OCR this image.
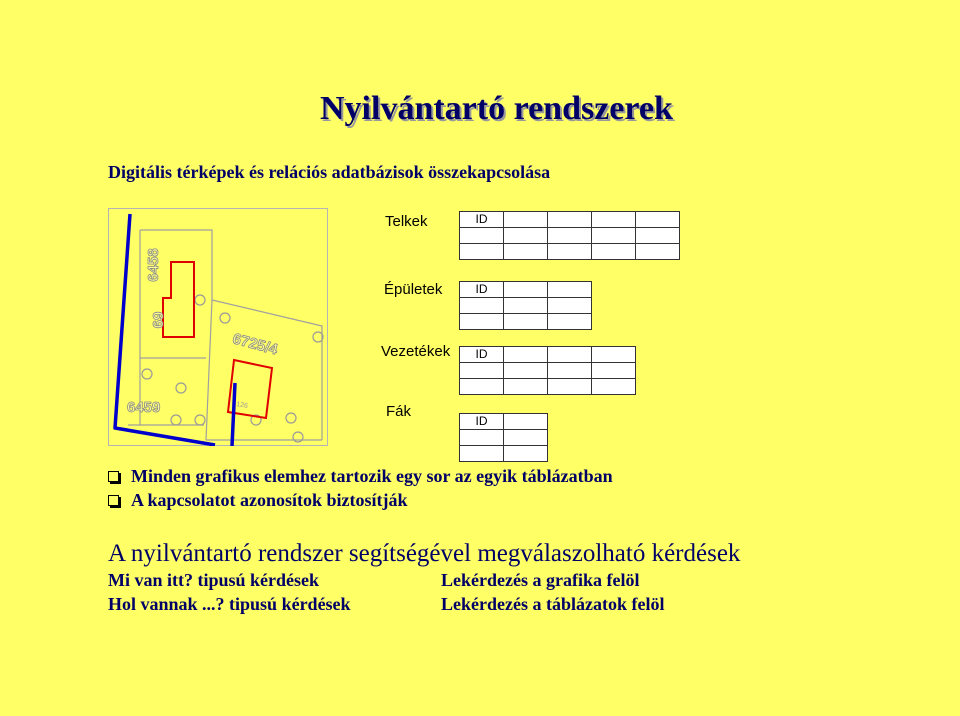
Nyilvántartó rendszerek
Digitális térképek és relációs adatbázisok összekapcsolása
6458
69
6725/4
6459	126
Telkek
Épületek
Vezetékek
Fák
ID				

ID		

ID			

ID	

Minden grafikus elemhez tartozik egy sor az egyik táblázatban
A kapcsolatot azonosítok biztosítják
A nyilvántartó rendszer segítségével megválaszolható kérdések
Mi van itt? tipusú kérdések	Lekérdezés a grafika felöl
Hol vannak ...? tipusú kérdések	Lekérdezés a táblázatok felöl
